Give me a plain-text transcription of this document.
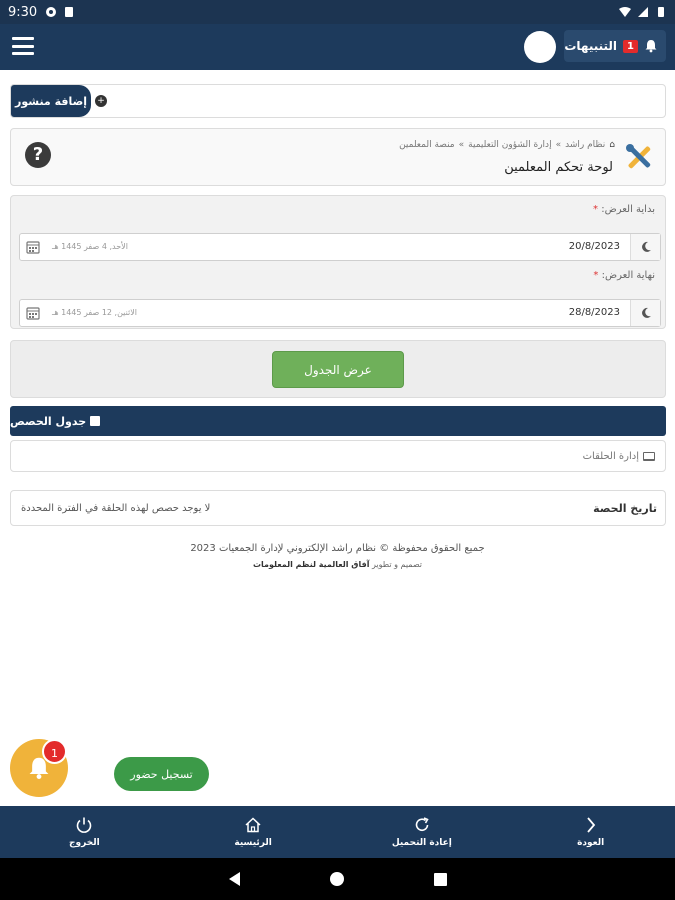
9:30
التنبيهات	1
إضافة منشور	+
?	⌂
نظام راشد
»
إدارة الشؤون التعليمية
»
منصة المعلمين
لوحة تحكم المعلمين
بداية العرض: *
20/8/2023
الأحد, 4 صفر 1445 هـ
نهاية العرض: *
28/8/2023
الاثنين, 12 صفر 1445 هـ
عرض الجدول
جدول الحصص
إدارة الحلقات
تاريخ الحصة
لا يوجد حصص لهذه الحلقة في الفترة المحددة
جميع الحقوق محفوظة © نظام راشد الإلكتروني لإدارة الجمعيات 2023
تصميم و تطوير آفاق العالمية لنظم المعلومات
1
تسجيل حضور
الخروج	الرئيسية	إعادة التحميل	العودة
